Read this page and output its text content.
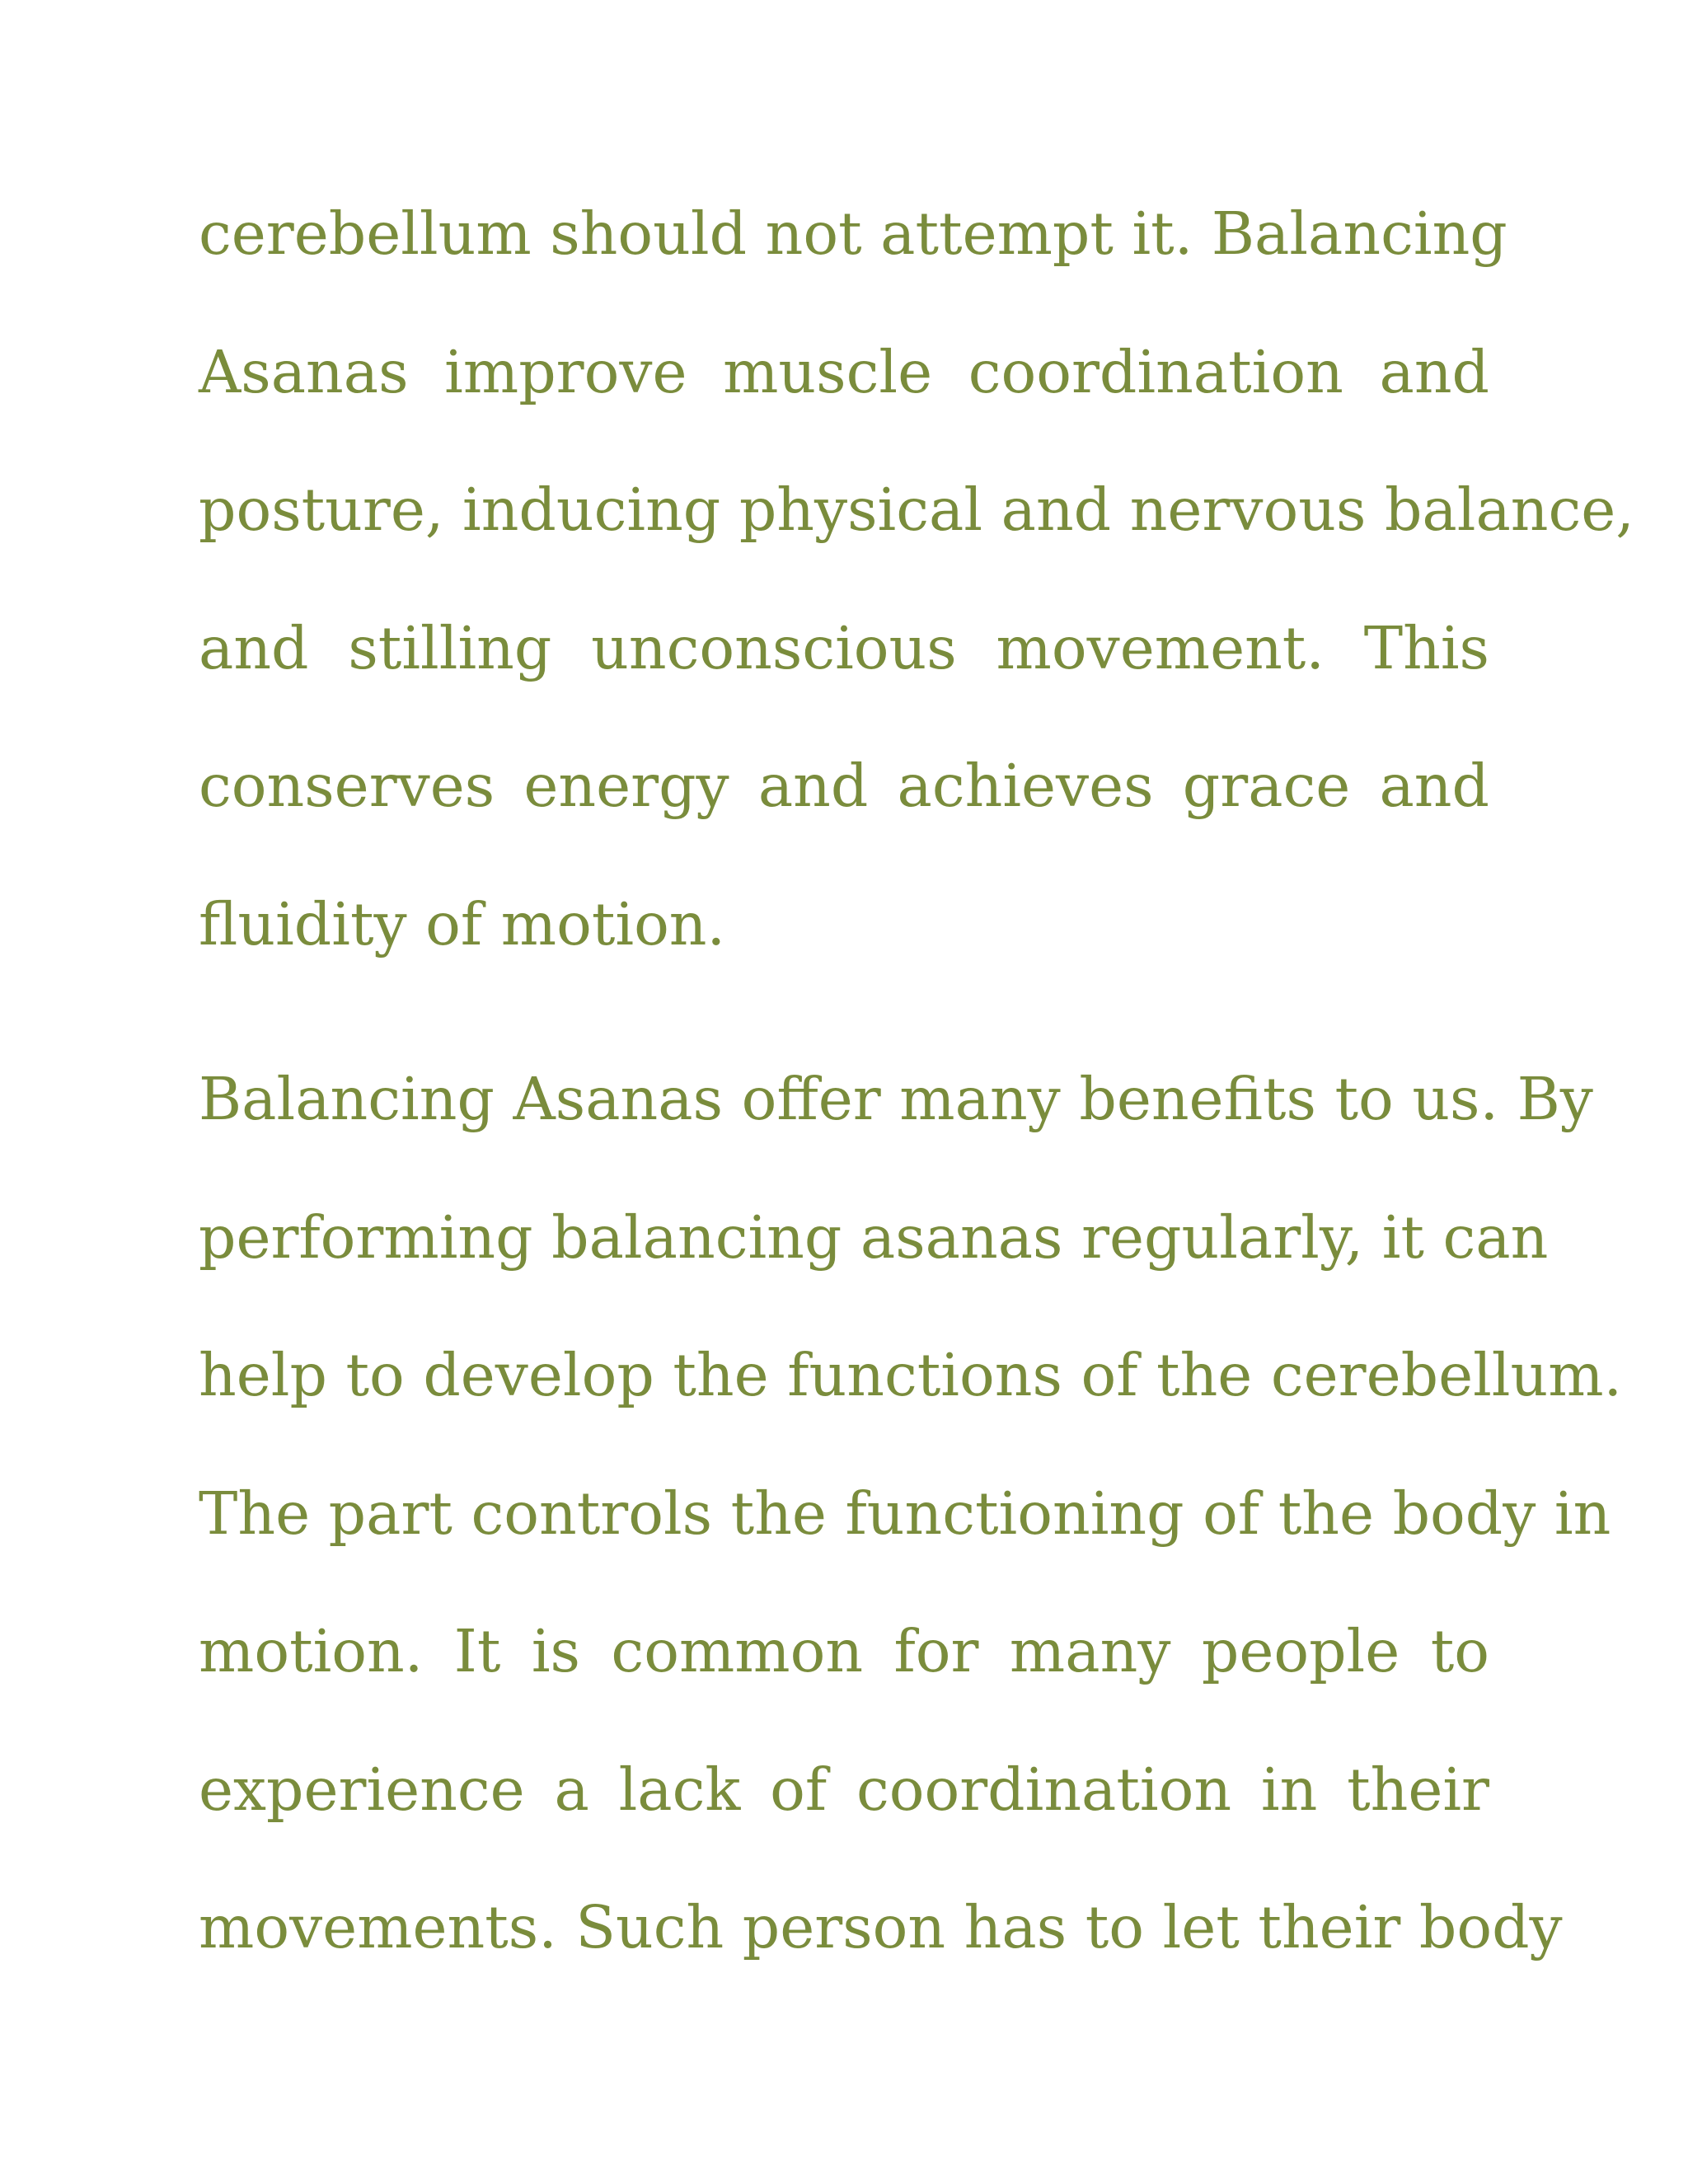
cerebellum should not attempt it. Balancing
Asanas improve muscle coordination and
posture, inducing physical and nervous balance,
and stilling unconscious movement. This
conserves energy and achieves grace and
fluidity of motion.
Balancing Asanas offer many benefits to us. By
performing balancing asanas regularly, it can
help to develop the functions of the cerebellum.
The part controls the functioning of the body in
motion. It is common for many people to
experience a lack of coordination in their
movements. Such person has to let their body
